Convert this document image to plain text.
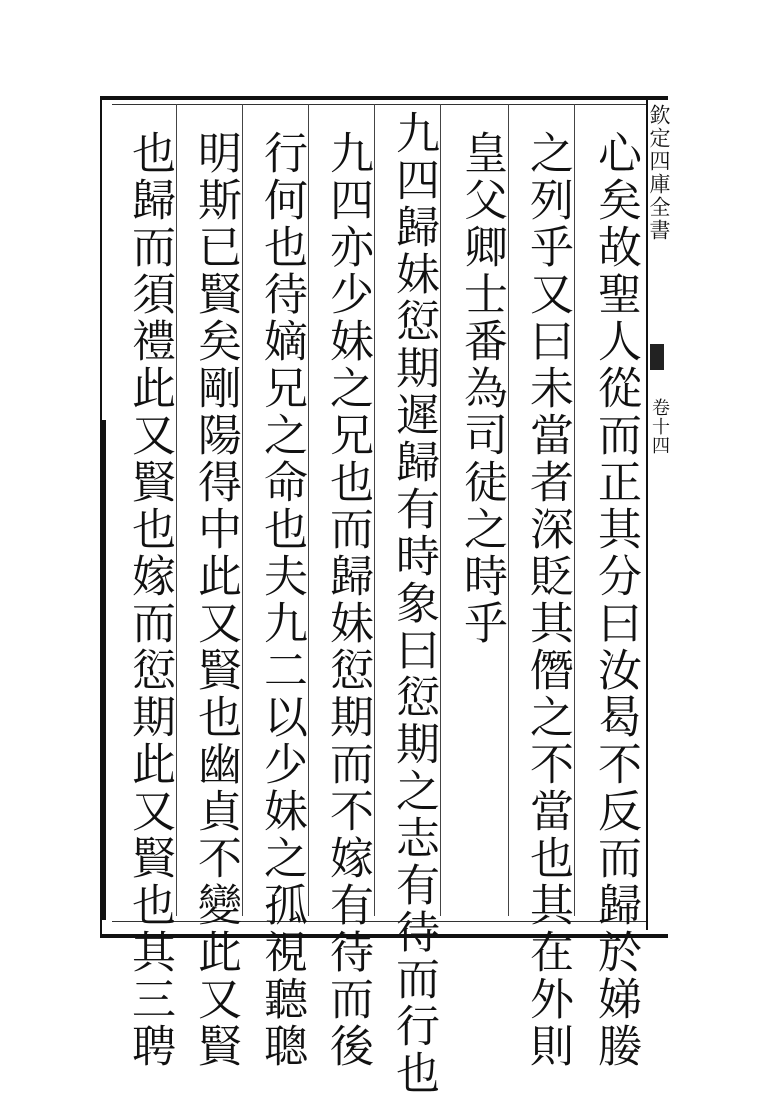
欽定四庫全書
卷十四
心矣故聖人從而正其分曰汝曷不反而歸於娣媵
之列乎又曰未當者深貶其僭之不當也其在外則
皇父卿士番為司徒之時乎
九四歸妹愆期遲歸有時象曰愆期之志有待而行也
九四亦少妹之兄也而歸妹愆期而不嫁有待而後
行何也待嫡兄之命也夫九二以少妹之孤視聽聰
明斯已賢矣剛陽得中此又賢也幽貞不變此又賢
也歸而須禮此又賢也嫁而愆期此又賢也其三聘
